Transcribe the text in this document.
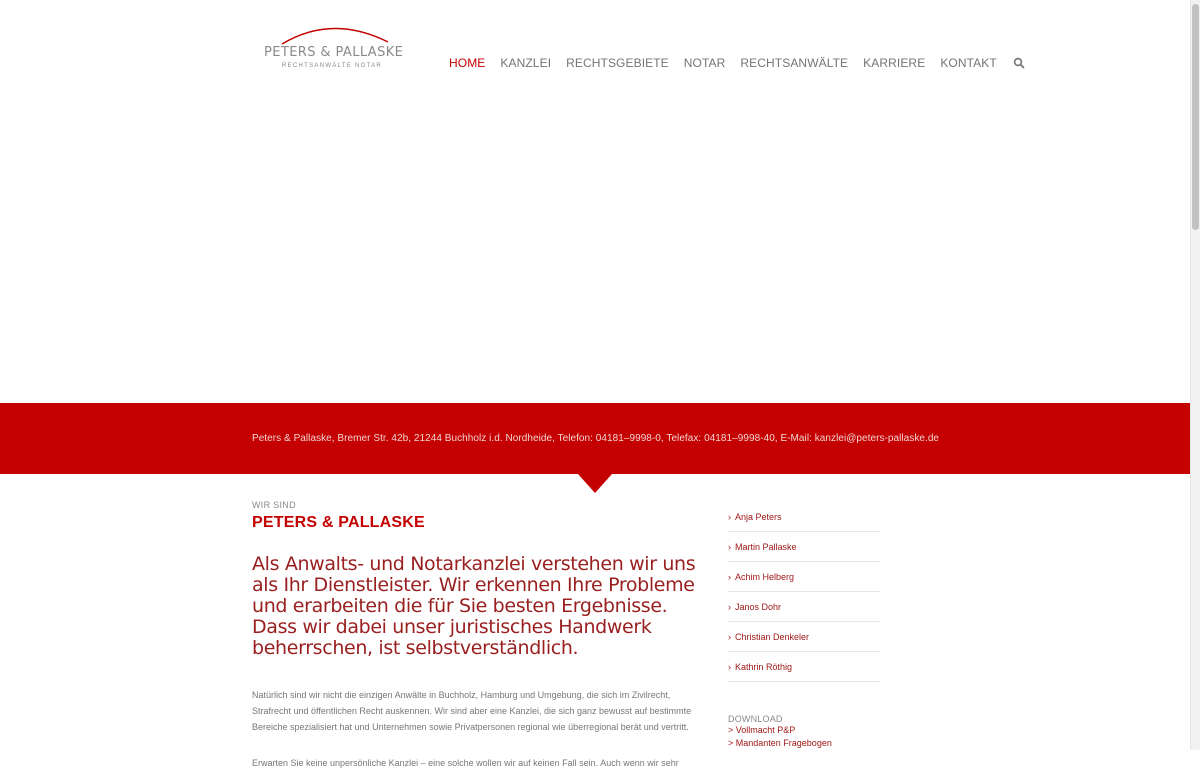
PETERS & PALLASKE
RECHTSANWÄLTE NOTAR	HOME KANZLEI RECHTSGEBIETE NOTAR RECHTSANWÄLTE KARRIERE KONTAKT
Peters & Pallaske, Bremer Str. 42b, 21244 Buchholz i.d. Nordheide, Telefon: 04181–9998-0, Telefax: 04181–9998-40, E-Mail: kanzlei@peters-pallaske.de
WIR SIND
PETERS & PALLASKE

Als Anwalts- und Notarkanzlei verstehen wir uns als Ihr Dienstleister. Wir erkennen Ihre Probleme und erarbeiten die für Sie besten Ergebnisse. Dass wir dabei unser juristisches Handwerk beherrschen, ist selbstverständlich.

Natürlich sind wir nicht die einzigen Anwälte in Buchholz, Hamburg und Umgebung, die sich im Zivilrecht, Strafrecht und öffentlichen Recht auskennen. Wir sind aber eine Kanzlei, die sich ganz bewusst auf bestimmte Bereiche spezialisiert hat und Unternehmen sowie Privatpersonen regional wie überregional berät und vertritt.

Erwarten Sie keine unpersönliche Kanzlei – eine solche wollen wir auf keinen Fall sein. Auch wenn wir sehr

› Anja Peters
› Martin Pallaske
› Achim Helberg
› Janos Dohr
› Christian Denkeler
› Kathrin Röthig
DOWNLOAD
> Vollmacht P&P
> Mandanten Fragebogen
